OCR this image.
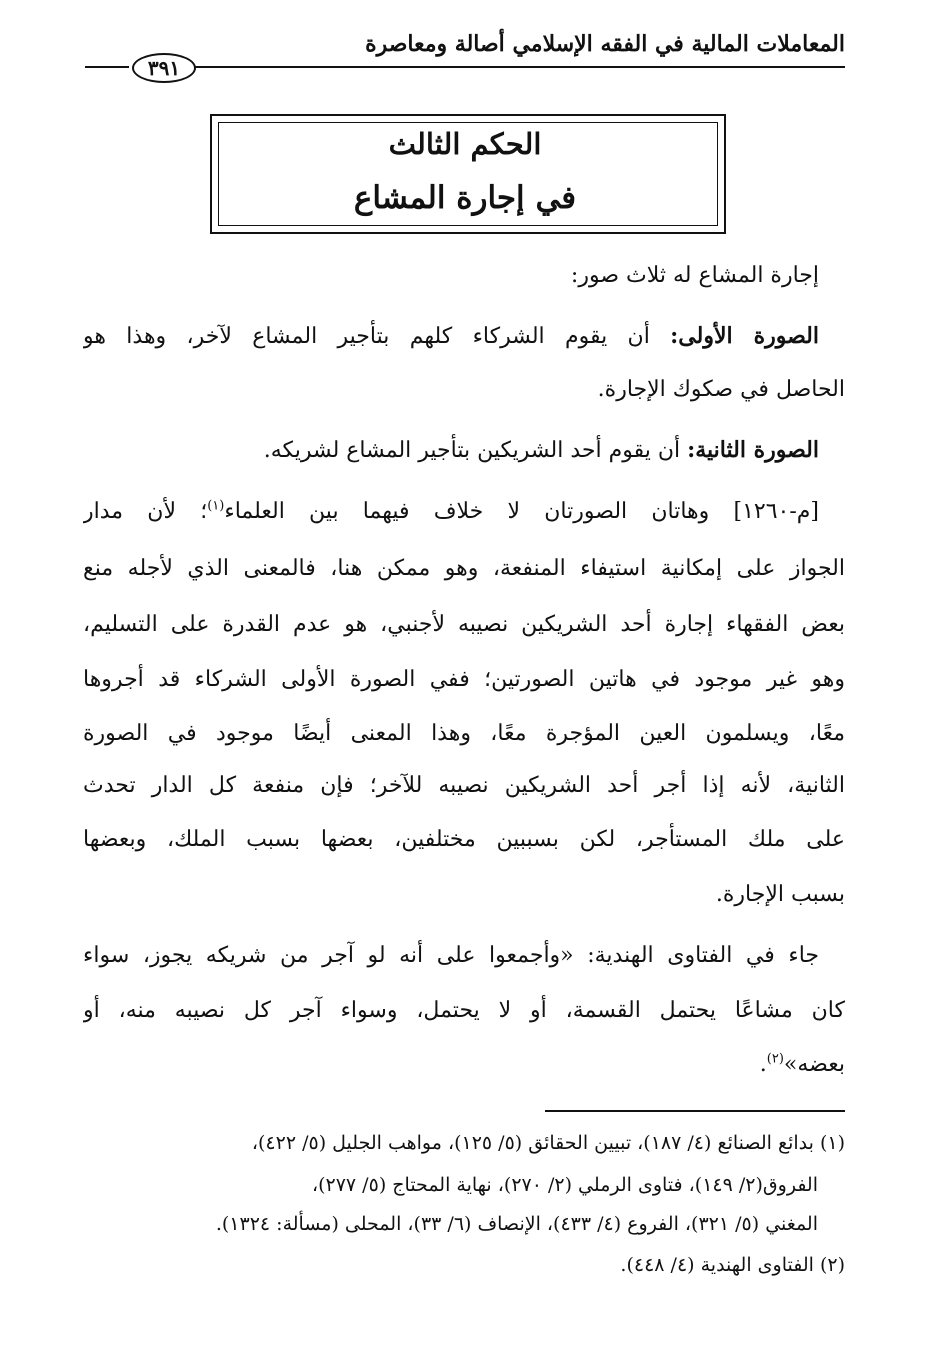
المعاملات المالية في الفقه الإسلامي أصالة ومعاصرة
٣٩١
الحكم الثالث
في إجارة المشاع
إجارة المشاع له ثلاث صور:
الصورة الأولى: أن يقوم الشركاء كلهم بتأجير المشاع لآخر، وهذا هو
الحاصل في صكوك الإجارة.
الصورة الثانية: أن يقوم أحد الشريكين بتأجير المشاع لشريكه.
[م-١٢٦٠] وهاتان الصورتان لا خلاف فيهما بين العلماء$^{(١)}$؛ لأن مدار
الجواز على إمكانية استيفاء المنفعة، وهو ممكن هنا، فالمعنى الذي لأجله منع
بعض الفقهاء إجارة أحد الشريكين نصيبه لأجنبي، هو عدم القدرة على التسليم،
وهو غير موجود في هاتين الصورتين؛ ففي الصورة الأولى الشركاء قد أجروها
معًا، ويسلمون العين المؤجرة معًا، وهذا المعنى أيضًا موجود في الصورة
الثانية، لأنه إذا أجر أحد الشريكين نصيبه للآخر؛ فإن منفعة كل الدار تحدث
على ملك المستأجر، لكن بسببين مختلفين، بعضها بسبب الملك، وبعضها
بسبب الإجارة.
جاء في الفتاوى الهندية: «وأجمعوا على أنه لو آجر من شريكه يجوز، سواء
كان مشاعًا يحتمل القسمة، أو لا يحتمل، وسواء آجر كل نصيبه منه، أو
بعضه»$^{(٢)}$.
(١) بدائع الصنائع (٤/ ١٨٧)، تبيين الحقائق (٥/ ١٢٥)، مواهب الجليل (٥/ ٤٢٢)،
الفروق(٢/ ١٤٩)، فتاوى الرملي (٢/ ٢٧٠)، نهاية المحتاج (٥/ ٢٧٧)،
المغني (٥/ ٣٢١)، الفروع (٤/ ٤٣٣)، الإنصاف (٦/ ٣٣)، المحلى (مسألة: ١٣٢٤).
(٢) الفتاوى الهندية (٤/ ٤٤٨).
